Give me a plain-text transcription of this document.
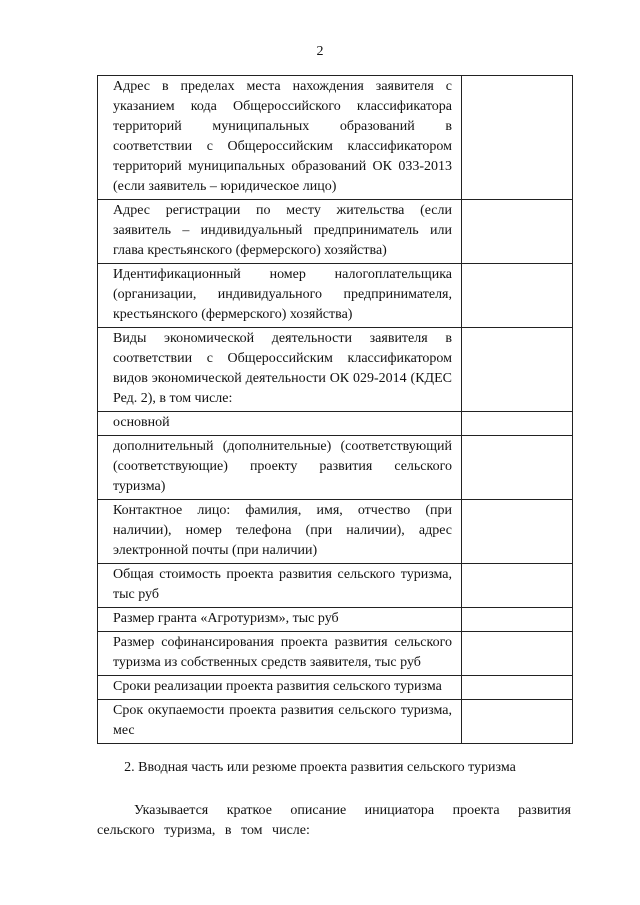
2
Адрес в пределах места нахождения заявителя с указанием кода Общероссийского классификатора территорий муниципальных образований в соответствии с Общероссийским классификатором территорий муниципальных образований ОК 033-2013 (если заявитель – юридическое лицо)	
Адрес регистрации по месту жительства (если заявитель – индивидуальный предприниматель или глава крестьянского (фермерского) хозяйства)	
Идентификационный номер налогоплательщика (организации, индивидуального предпринимателя, крестьянского (фермерского) хозяйства)	
Виды экономической деятельности заявителя в соответствии с Общероссийским классификатором видов экономической деятельности ОК 029-2014 (КДЕС Ред. 2), в том числе:	
основной	
дополнительный (дополнительные) (соответствующий (соответствующие) проекту развития сельского туризма)	
Контактное лицо: фамилия, имя, отчество (при наличии), номер телефона (при наличии), адрес электронной почты (при наличии)	
Общая стоимость проекта развития сельского туризма, тыс руб	
Размер гранта «Агротуризм», тыс руб	
Размер софинансирования проекта развития сельского туризма из собственных средств заявителя, тыс руб	
Сроки реализации проекта развития сельского туризма	
Срок окупаемости проекта развития сельского туризма, мес	
2. Вводная часть или резюме проекта развития сельского туризма
Указывается краткое описание инициатора проекта развития сельского туризма, в том числе:
